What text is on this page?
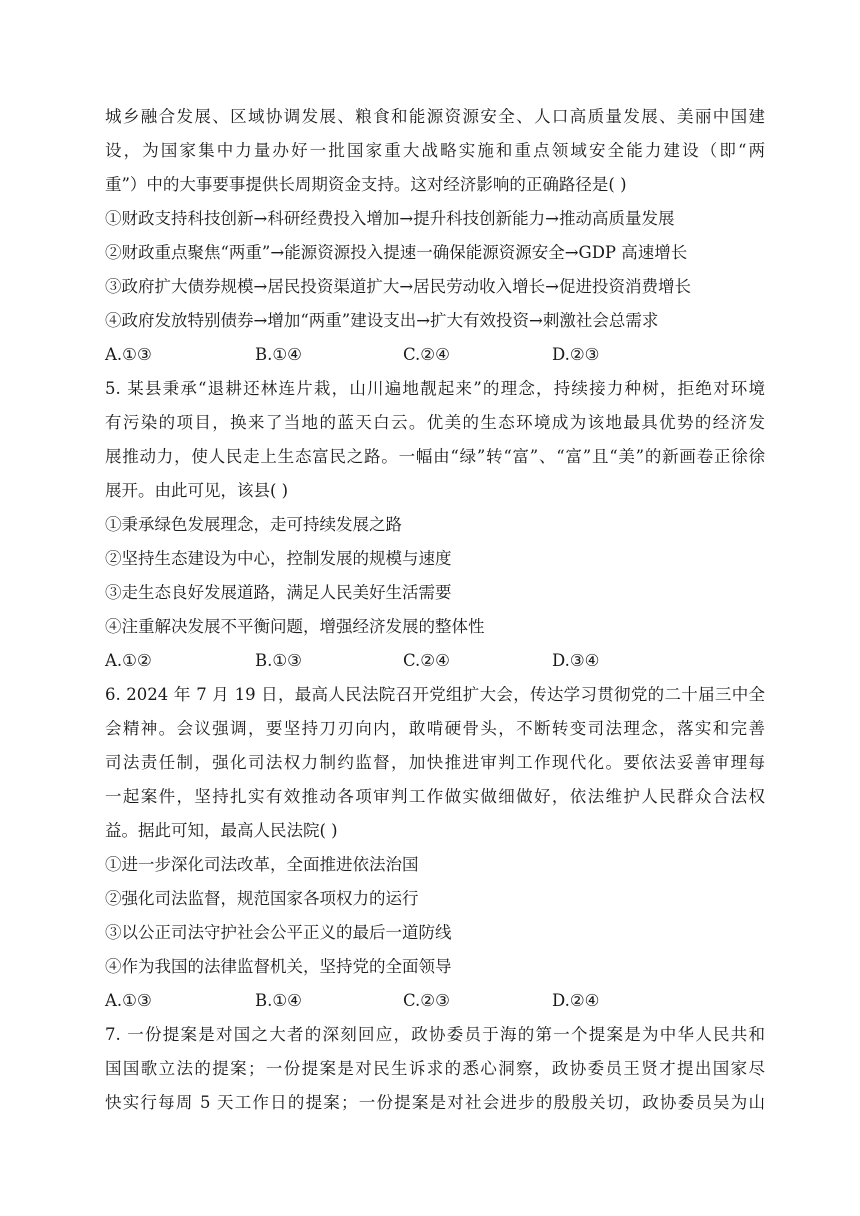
城乡融合发展、区域协调发展、粮食和能源资源安全、人口高质量发展、美丽中国建
设，为国家集中力量办好一批国家重大战略实施和重点领域安全能力建设（即“两
重”）中的大事要事提供长周期资金支持。这对经济影响的正确路径是( )
①财政支持科技创新→科研经费投入增加→提升科技创新能力→推动高质量发展
②财政重点聚焦“两重”→能源资源投入提速一确保能源资源安全→GDP 高速增长
③政府扩大债券规模→居民投资渠道扩大→居民劳动收入增长→促进投资消费增长
④政府发放特别债券→增加“两重”建设支出→扩大有效投资→刺激社会总需求
A.①③	B.①④	C.②④	D.②③
5. 某县秉承“退耕还林连片栽，山川遍地靓起来”的理念，持续接力种树，拒绝对环境
有污染的项目，换来了当地的蓝天白云。优美的生态环境成为该地最具优势的经济发
展推动力，使人民走上生态富民之路。一幅由“绿”转“富”、“富”且“美”的新画卷正徐徐
展开。由此可见，该县( )
①秉承绿色发展理念，走可持续发展之路
②坚持生态建设为中心，控制发展的规模与速度
③走生态良好发展道路，满足人民美好生活需要
④注重解决发展不平衡问题，增强经济发展的整体性
A.①②	B.①③	C.②④	D.③④
6. 2024 年 7 月 19 日，最高人民法院召开党组扩大会，传达学习贯彻党的二十届三中全
会精神。会议强调，要坚持刀刃向内，敢啃硬骨头，不断转变司法理念，落实和完善
司法责任制，强化司法权力制约监督，加快推进审判工作现代化。要依法妥善审理每
一起案件，坚持扎实有效推动各项审判工作做实做细做好，依法维护人民群众合法权
益。据此可知，最高人民法院( )
①进一步深化司法改革，全面推进依法治国
②强化司法监督，规范国家各项权力的运行
③以公正司法守护社会公平正义的最后一道防线
④作为我国的法律监督机关，坚持党的全面领导
A.①③	B.①④	C.②③	D.②④
7. 一份提案是对国之大者的深刻回应，政协委员于海的第一个提案是为中华人民共和
国国歌立法的提案；一份提案是对民生诉求的悉心洞察，政协委员王贤才提出国家尽
快实行每周 5 天工作日的提案；一份提案是对社会进步的殷殷关切，政协委员吴为山
